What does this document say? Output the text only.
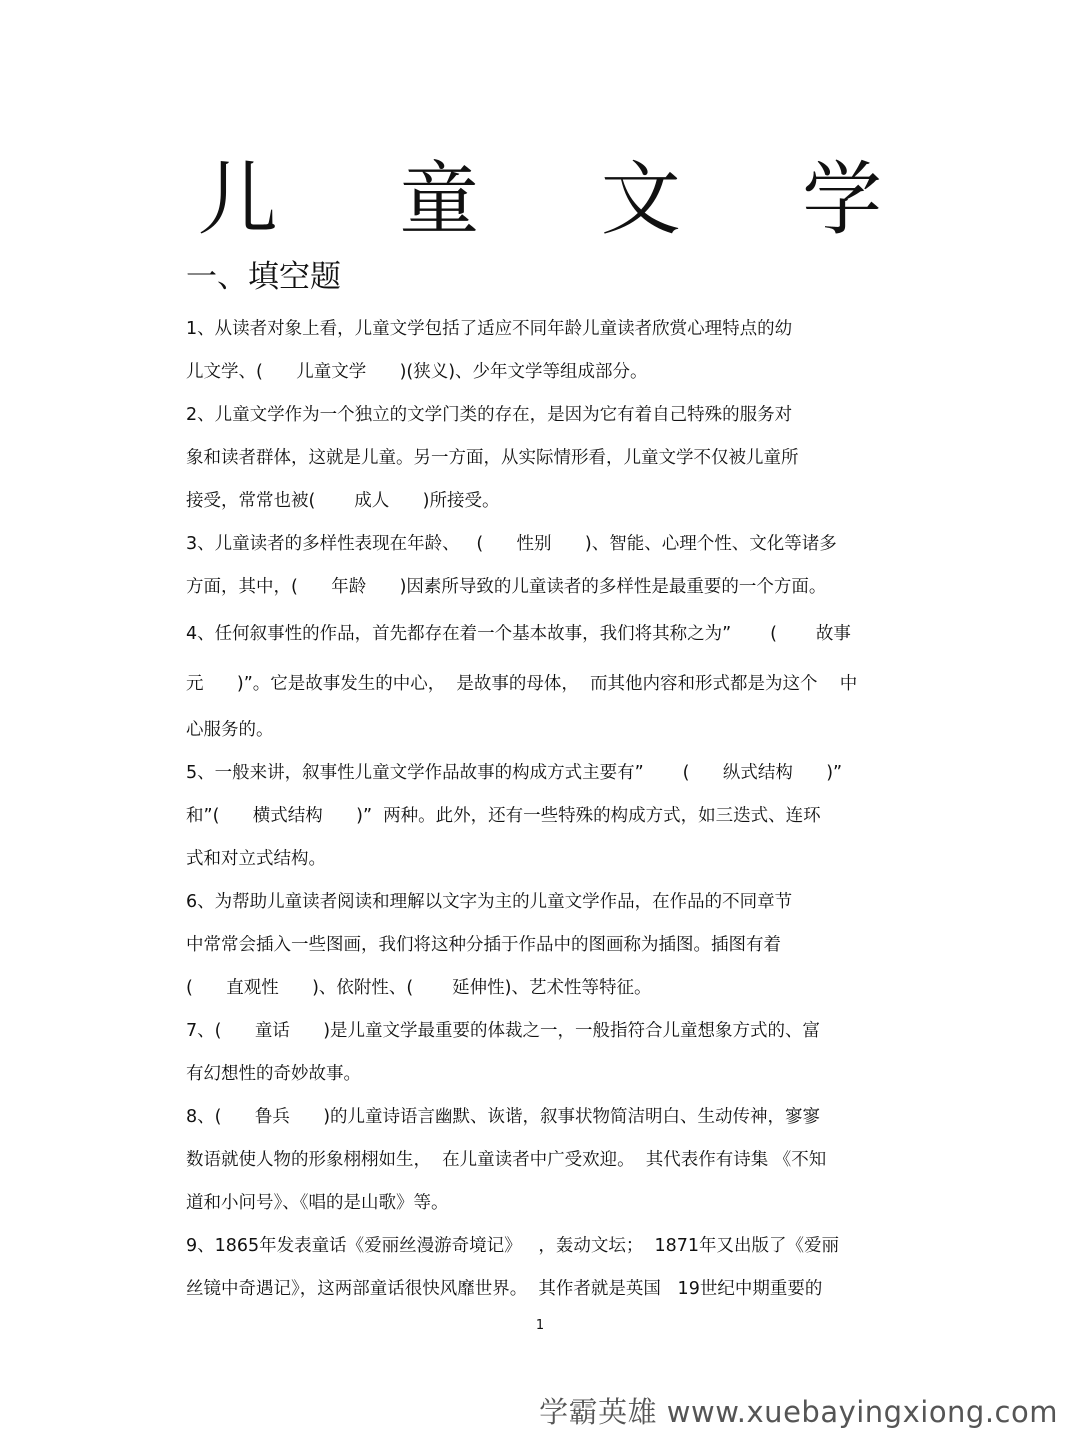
儿 童 文 学
一、填空题
1、从读者对象上看，儿童文学包括了适应不同年龄儿童读者欣赏心理特点的幼
儿文学、(      儿童文学      )(狭义)、少年文学等组成部分。
2、儿童文学作为一个独立的文学门类的存在，是因为它有着自己特殊的服务对
象和读者群体，这就是儿童。另一方面，从实际情形看，儿童文学不仅被儿童所
接受，常常也被(       成人      )所接受。
3、儿童读者的多样性表现在年龄、   (      性别      )、智能、心理个性、文化等诸多
方面，其中，(      年龄      )因素所导致的儿童读者的多样性是最重要的一个方面。
4、任何叙事性的作品，首先都存在着一个基本故事，我们将其称之为”       (       故事
元      )”。它是故事发生的中心，  是故事的母体，  而其他内容和形式都是为这个    中
心服务的。
5、一般来讲，叙事性儿童文学作品故事的构成方式主要有”       (      纵式结构      )”
和”(      横式结构      )”  两种。此外，还有一些特殊的构成方式，如三迭式、连环
式和对立式结构。
6、为帮助儿童读者阅读和理解以文字为主的儿童文学作品，在作品的不同章节
中常常会插入一些图画，我们将这种分插于作品中的图画称为插图。插图有着
(      直观性      )、依附性、(       延伸性)、艺术性等特征。
7、(      童话      )是儿童文学最重要的体裁之一，一般指符合儿童想象方式的、富
有幻想性的奇妙故事。
8、(      鲁兵      )的儿童诗语言幽默、诙谐，叙事状物简洁明白、生动传神，寥寥
数语就使人物的形象栩栩如生，  在儿童读者中广受欢迎。  其代表作有诗集 《不知
道和小问号》、《唱的是山歌》等。
9、1865年发表童话《爱丽丝漫游奇境记》   ，轰动文坛；  1871年又出版了《爱丽
丝镜中奇遇记》，这两部童话很快风靡世界。  其作者就是英国   19世纪中期重要的
1
学霸英雄 www.xuebayingxiong.com
